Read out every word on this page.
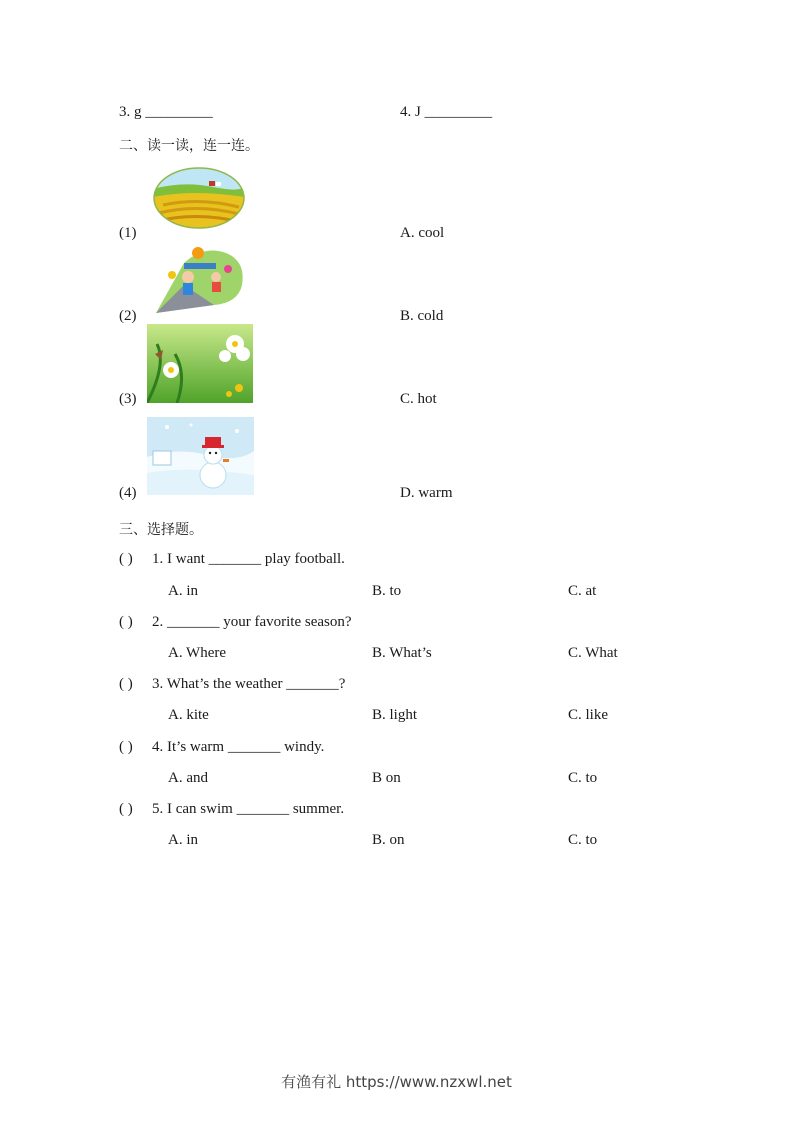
3. g _________	4. J _________
二、读一读，连一连。
(1)	A. cool
(2)	B. cold
(3)	C. hot
(4)	D. warm
三、选择题。
( ) 1. I want _______ play football.
A. in	B. to	C. at
( ) 2. _______ your favorite season?
A. Where	B. What’s	C. What
( ) 3. What’s the weather _______?
A. kite	B. light	C. like
( ) 4. It’s warm _______ windy.
A. and	B on	C. to
( ) 5. I can swim _______ summer.
A. in	B. on	C. to
有渔有礼 https://www.nzxwl.net
